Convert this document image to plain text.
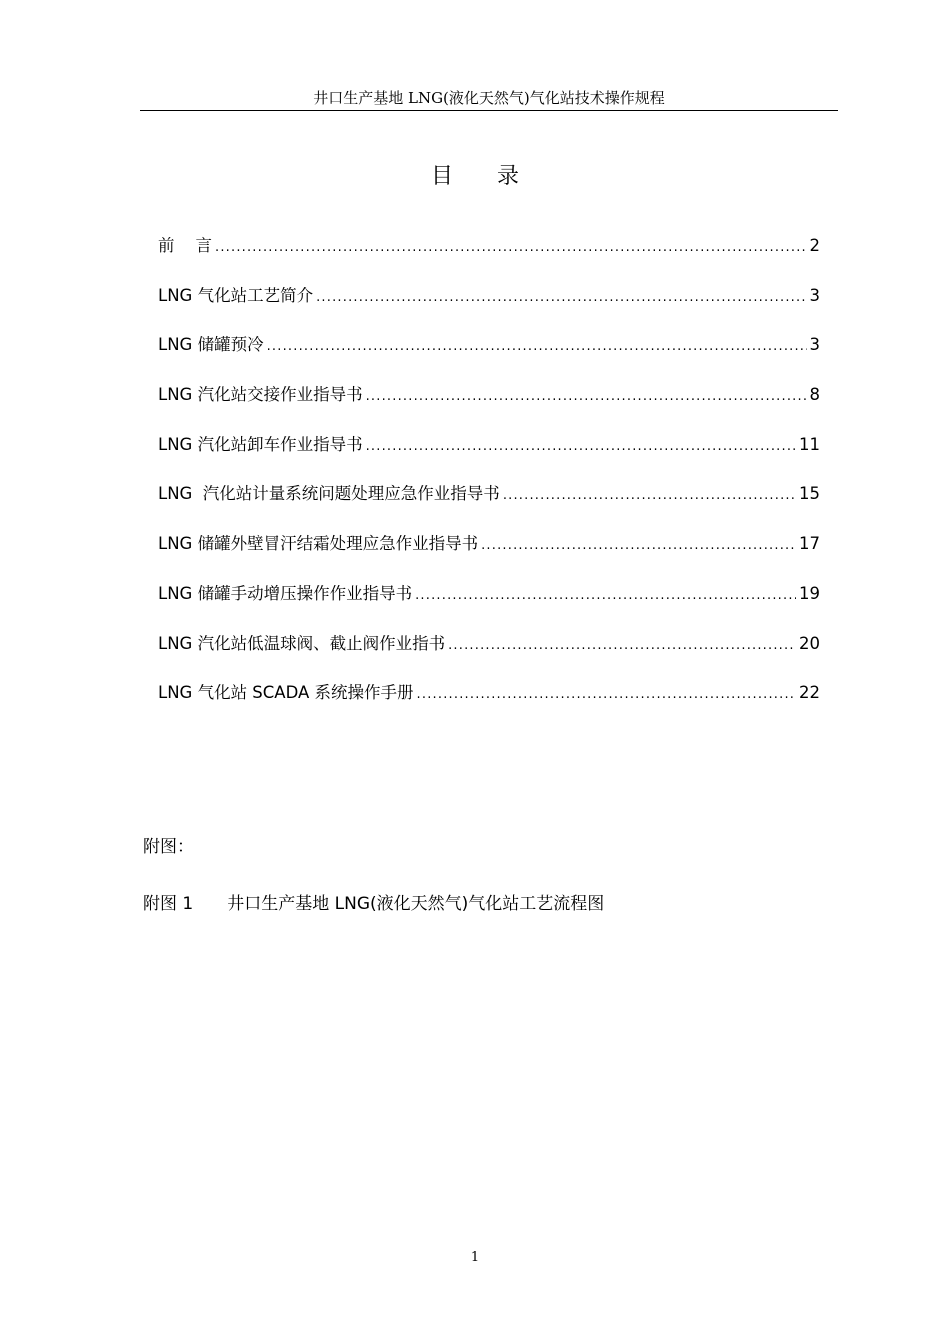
井口生产基地 LNG(液化天然气)气化站技术操作规程
目录
前    言 .....	2
LNG 气化站工艺简介 .....	3
LNG 储罐预冷 .....	3
LNG 汽化站交接作业指导书 .....	8
LNG 汽化站卸车作业指导书 .....	11
LNG  汽化站计量系统问题处理应急作业指导书 .....	15
LNG 储罐外壁冒汗结霜处理应急作业指导书 .....	17
LNG 储罐手动增压操作作业指导书 .....	19
LNG 汽化站低温球阀、截止阀作业指书 .....	20
LNG 气化站 SCADA 系统操作手册 .....	22
附图：
附图 1 井口生产基地 LNG(液化天然气)气化站工艺流程图
1
